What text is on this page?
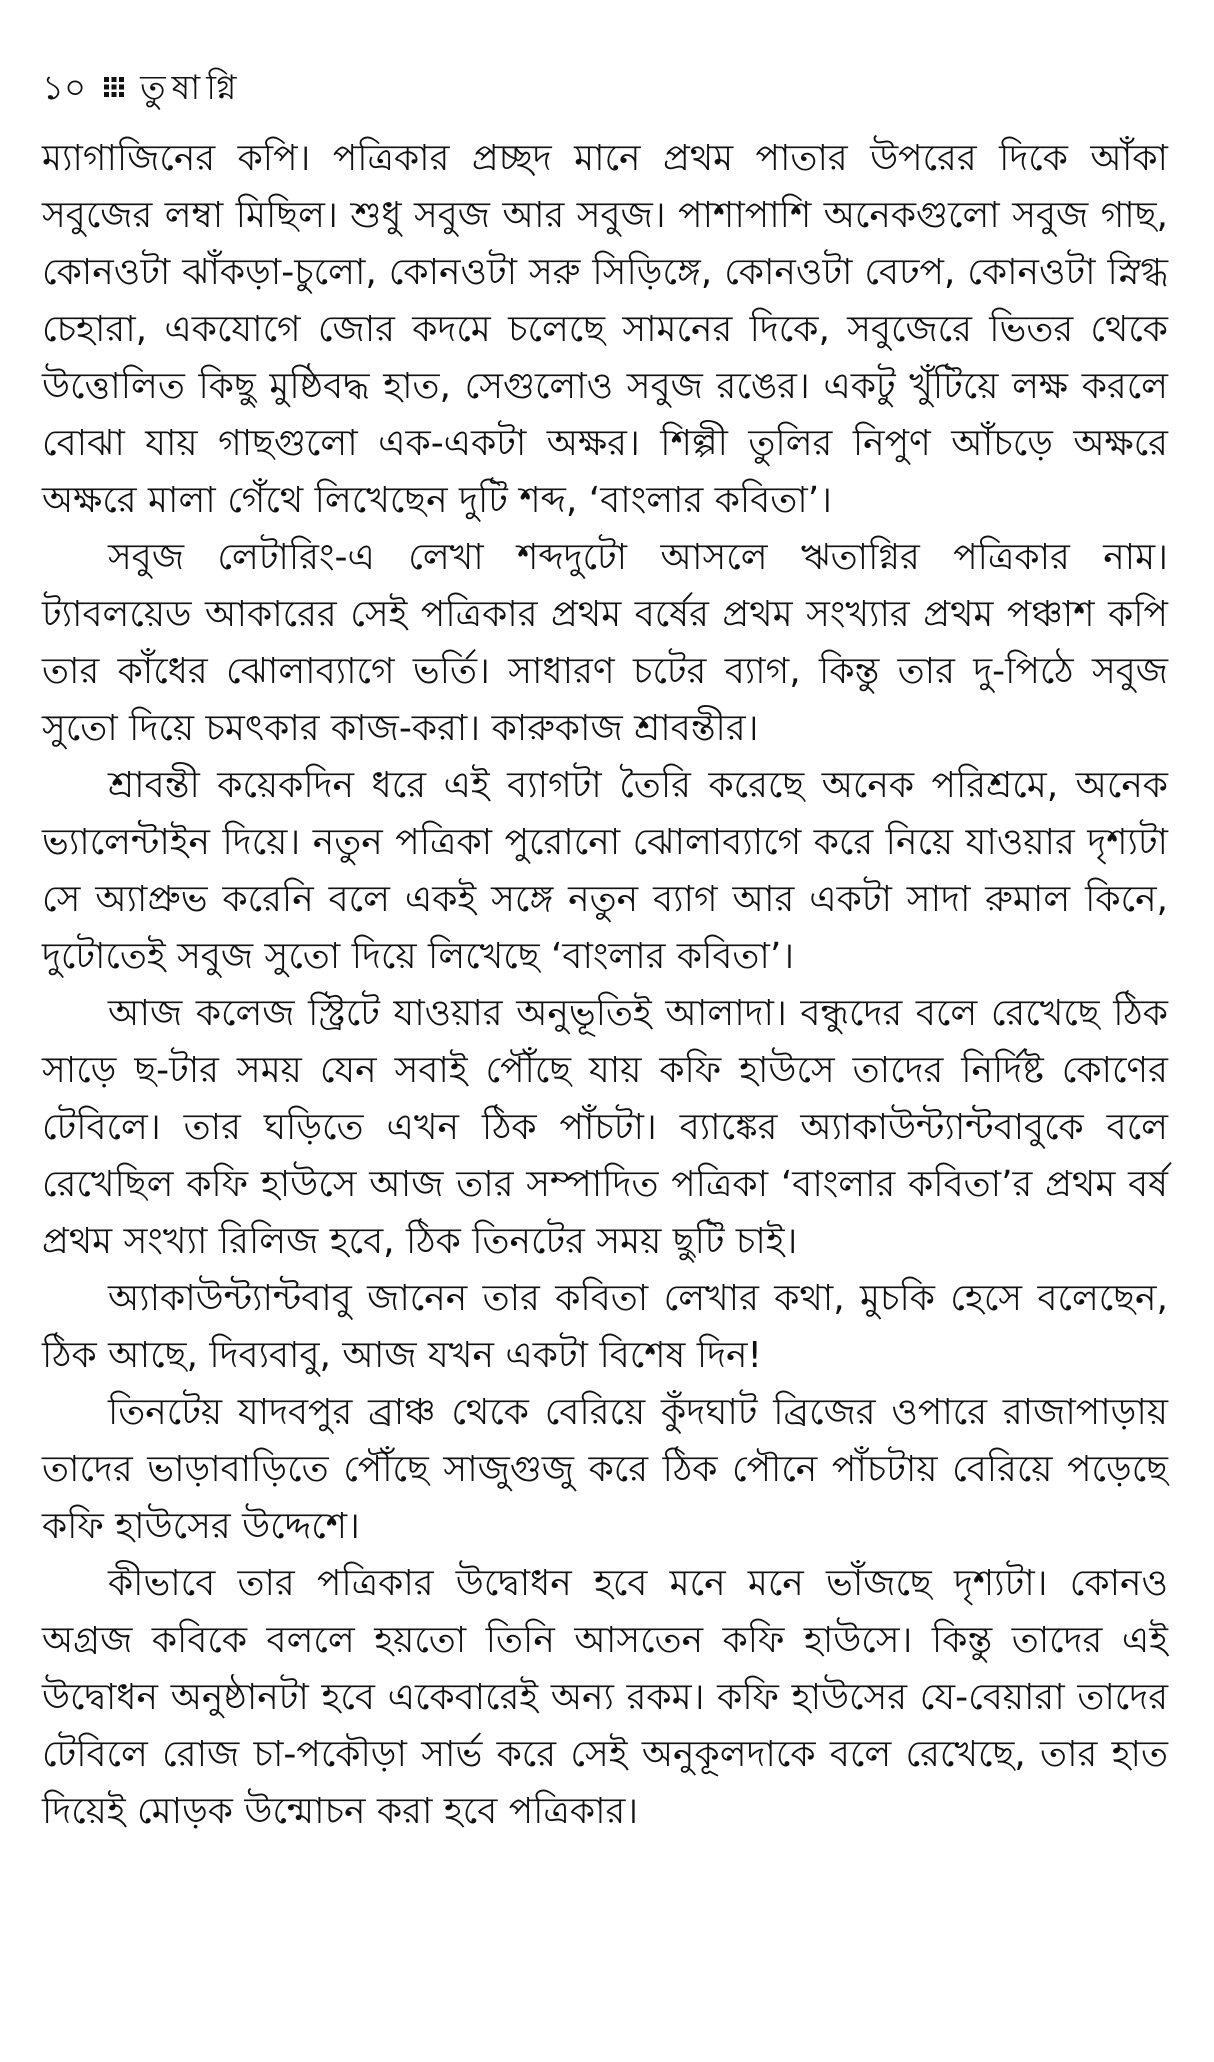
১০ তুষাগ্নি

ম্যাগাজিনের কপি। পত্রিকার প্রচ্ছদ মানে প্রথম পাতার উপরের দিকে আঁকা সবুজের লম্বা মিছিল। শুধু সবুজ আর সবুজ। পাশাপাশি অনেকগুলো সবুজ গাছ, কোনওটা ঝাঁকড়া-চুলো, কোনওটা সরু সিড়িঙ্গে, কোনওটা বেঢপ, কোনওটা স্নিগ্ধ চেহারা, একযোগে জোর কদমে চলেছে সামনের দিকে, সবুজেরে ভিতর থেকে উত্তোলিত কিছু মুষ্ঠিবদ্ধ হাত, সেগুলোও সবুজ রঙের। একটু খুঁটিয়ে লক্ষ করলে বোঝা যায় গাছগুলো এক-একটা অক্ষর। শিল্পী তুলির নিপুণ আঁচড়ে অক্ষরে অক্ষরে মালা গেঁথে লিখেছেন দুটি শব্দ, ‘বাংলার কবিতা’।

সবুজ লেটারিং-এ লেখা শব্দদুটো আসলে ঋতাগ্নির পত্রিকার নাম। ট্যাবলয়েড আকারের সেই পত্রিকার প্রথম বর্ষের প্রথম সংখ্যার প্রথম পঞ্চাশ কপি তার কাঁধের ঝোলাব্যাগে ভর্তি। সাধারণ চটের ব্যাগ, কিন্তু তার দু-পিঠে সবুজ সুতো দিয়ে চমৎকার কাজ-করা। কারুকাজ শ্রাবন্তীর।

শ্রাবন্তী কয়েকদিন ধরে এই ব্যাগটা তৈরি করেছে অনেক পরিশ্রমে, অনেক ভ্যালেন্টাইন দিয়ে। নতুন পত্রিকা পুরোনো ঝোলাব্যাগে করে নিয়ে যাওয়ার দৃশ্যটা সে অ্যাপ্রুভ করেনি বলে একই সঙ্গে নতুন ব্যাগ আর একটা সাদা রুমাল কিনে, দুটোতেই সবুজ সুতো দিয়ে লিখেছে ‘বাংলার কবিতা’।

আজ কলেজ স্ট্রিটে যাওয়ার অনুভূতিই আলাদা। বন্ধুদের বলে রেখেছে ঠিক সাড়ে ছ-টার সময় যেন সবাই পৌঁছে যায় কফি হাউসে তাদের নির্দিষ্ট কোণের টেবিলে। তার ঘড়িতে এখন ঠিক পাঁচটা। ব্যাঙ্কের অ্যাকাউন্ট্যান্টবাবুকে বলে রেখেছিল কফি হাউসে আজ তার সম্পাদিত পত্রিকা ‘বাংলার কবিতা’র প্রথম বর্ষ প্রথম সংখ্যা রিলিজ হবে, ঠিক তিনটের সময় ছুটি চাই।

অ্যাকাউন্ট্যান্টবাবু জানেন তার কবিতা লেখার কথা, মুচকি হেসে বলেছেন, ঠিক আছে, দিব্যবাবু, আজ যখন একটা বিশেষ দিন!

তিনটেয় যাদবপুর ব্রাঞ্চ থেকে বেরিয়ে কুঁদঘাট ব্রিজের ওপারে রাজাপাড়ায় তাদের ভাড়াবাড়িতে পৌঁছে সাজুগুজু করে ঠিক পৌনে পাঁচটায় বেরিয়ে পড়েছে কফি হাউসের উদ্দেশে।

কীভাবে তার পত্রিকার উদ্বোধন হবে মনে মনে ভাঁজছে দৃশ্যটা। কোনও অগ্রজ কবিকে বললে হয়তো তিনি আসতেন কফি হাউসে। কিন্তু তাদের এই উদ্বোধন অনুষ্ঠানটা হবে একেবারেই অন্য রকম। কফি হাউসের যে-বেয়ারা তাদের টেবিলে রোজ চা-পকৌড়া সার্ভ করে সেই অনুকূলদাকে বলে রেখেছে, তার হাত দিয়েই মোড়ক উন্মোচন করা হবে পত্রিকার।
